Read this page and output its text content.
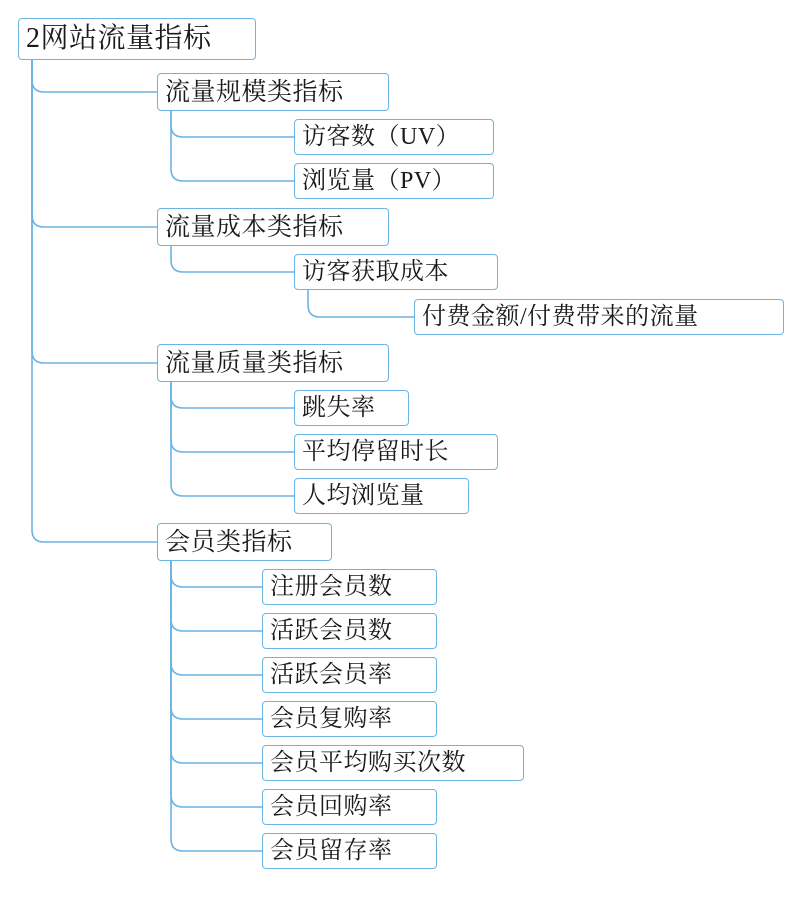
2网站流量指标
流量规模类指标
访客数（UV）
浏览量（PV）
流量成本类指标
访客获取成本
付费金额/付费带来的流量
流量质量类指标
跳失率
平均停留时长
人均浏览量
会员类指标
注册会员数
活跃会员数
活跃会员率
会员复购率
会员平均购买次数
会员回购率
会员留存率
